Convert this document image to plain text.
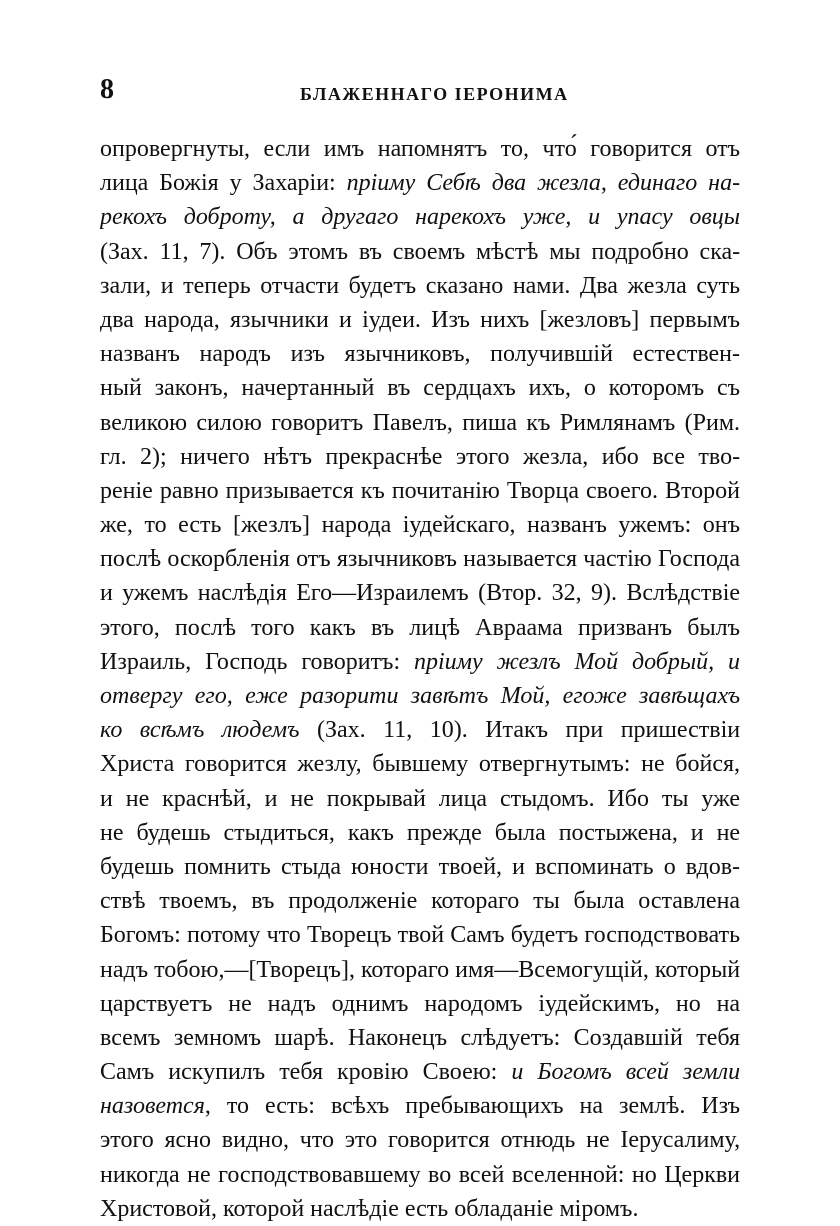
8	БЛАЖЕННАГО ІЕРОНИМА
опровергнуты, если имъ напомнятъ то, что́ говорится отъ
лица Божія у Захаріи: пріиму Себѣ два жезла, единаго на-
рекохъ доброту, а другаго нарекохъ уже, и упасу овцы
(Зах. 11, 7). Объ этомъ въ своемъ мѣстѣ мы подробно ска-
зали, и теперь отчасти будетъ сказано нами. Два жезла суть
два народа, язычники и іудеи. Изъ нихъ [жезловъ] первымъ
названъ народъ изъ язычниковъ, получившій естествен-
ный законъ, начертанный въ сердцахъ ихъ, о которомъ съ
великою силою говоритъ Павелъ, пиша къ Римлянамъ (Рим.
гл. 2); ничего нѣтъ прекраснѣе этого жезла, ибо все тво-
реніе равно призывается къ почитанію Творца своего. Второй
же, то есть [жезлъ] народа іудейскаго, названъ ужемъ: онъ
послѣ оскорбленія отъ язычниковъ называется частію Господа
и ужемъ наслѣдія Его—Израилемъ (Втор. 32, 9). Вслѣдствіе
этого, послѣ того какъ въ лицѣ Авраама призванъ былъ
Израиль, Господь говоритъ: пріиму жезлъ Мой добрый, и
отвергу его, еже разорити завѣтъ Мой, егоже завѣщахъ
ко всѣмъ людемъ (Зах. 11, 10). Итакъ при пришествіи
Христа говорится жезлу, бывшему отвергнутымъ: не бойся,
и не краснѣй, и не покрывай лица стыдомъ. Ибо ты уже
не будешь стыдиться, какъ прежде была постыжена, и не
будешь помнить стыда юности твоей, и вспоминать о вдов-
ствѣ твоемъ, въ продолженіе котораго ты была оставлена
Богомъ: потому что Творецъ твой Самъ будетъ господствовать
надъ тобою,—[Творецъ], котораго имя—Всемогущій, который
царствуетъ не надъ однимъ народомъ іудейскимъ, но на
всемъ земномъ шарѣ. Наконецъ слѣдуетъ: Создавшій тебя
Самъ искупилъ тебя кровію Своею: и Богомъ всей земли
назовется, то есть: всѣхъ пребывающихъ на землѣ. Изъ
этого ясно видно, что это говорится отнюдь не Іерусалиму,
никогда не господствовавшему во всей вселенной: но Церкви
Христовой, которой наслѣдіе есть обладаніе міромъ.
